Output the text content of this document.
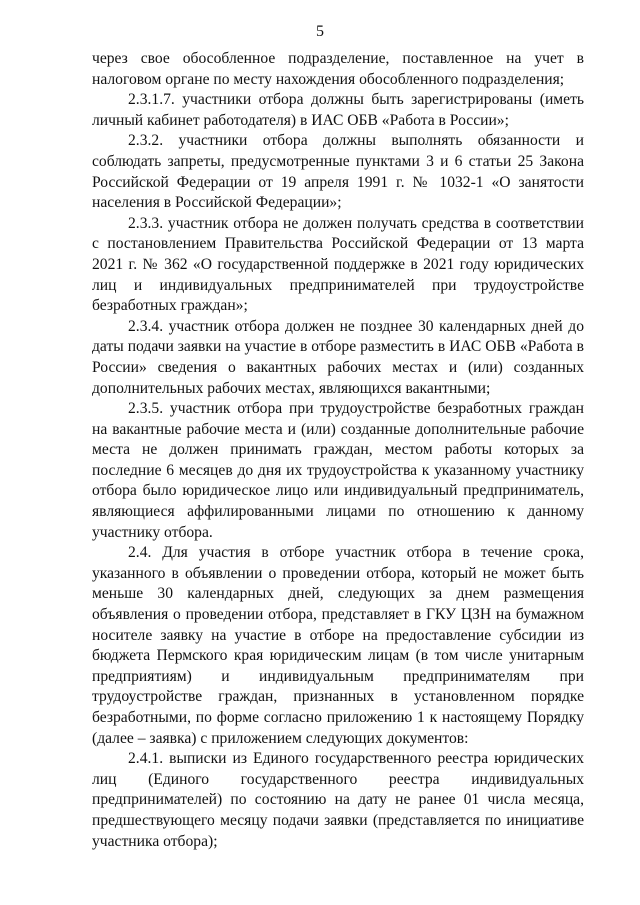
5

через свое обособленное подразделение, поставленное на учет в налоговом органе по месту нахождения обособленного подразделения;

2.3.1.7. участники отбора должны быть зарегистрированы (иметь личный кабинет работодателя) в ИАС ОБВ «Работа в России»;

2.3.2. участники отбора должны выполнять обязанности и соблюдать запреты, предусмотренные пунктами 3 и 6 статьи 25 Закона Российской Федерации от 19 апреля 1991 г. № 1032-1 «О занятости населения в Российской Федерации»;

2.3.3. участник отбора не должен получать средства в соответствии с постановлением Правительства Российской Федерации от 13 марта 2021 г. № 362 «О государственной поддержке в 2021 году юридических лиц и индивидуальных предпринимателей при трудоустройстве безработных граждан»;

2.3.4. участник отбора должен не позднее 30 календарных дней до даты подачи заявки на участие в отборе разместить в ИАС ОБВ «Работа в России» сведения о вакантных рабочих местах и (или) созданных дополнительных рабочих местах, являющихся вакантными;

2.3.5. участник отбора при трудоустройстве безработных граждан на вакантные рабочие места и (или) созданные дополнительные рабочие места не должен принимать граждан, местом работы которых за последние 6 месяцев до дня их трудоустройства к указанному участнику отбора было юридическое лицо или индивидуальный предприниматель, являющиеся аффилированными лицами по отношению к данному участнику отбора.

2.4. Для участия в отборе участник отбора в течение срока, указанного в объявлении о проведении отбора, который не может быть меньше 30 календарных дней, следующих за днем размещения объявления о проведении отбора, представляет в ГКУ ЦЗН на бумажном носителе заявку на участие в отборе на предоставление субсидии из бюджета Пермского края юридическим лицам (в том числе унитарным предприятиям) и индивидуальным предпринимателям при трудоустройстве граждан, признанных в установленном порядке безработными, по форме согласно приложению 1 к настоящему Порядку (далее – заявка) с приложением следующих документов:

2.4.1. выписки из Единого государственного реестра юридических лиц (Единого государственного реестра индивидуальных предпринимателей) по состоянию на дату не ранее 01 числа месяца, предшествующего месяцу подачи заявки (представляется по инициативе участника отбора);
